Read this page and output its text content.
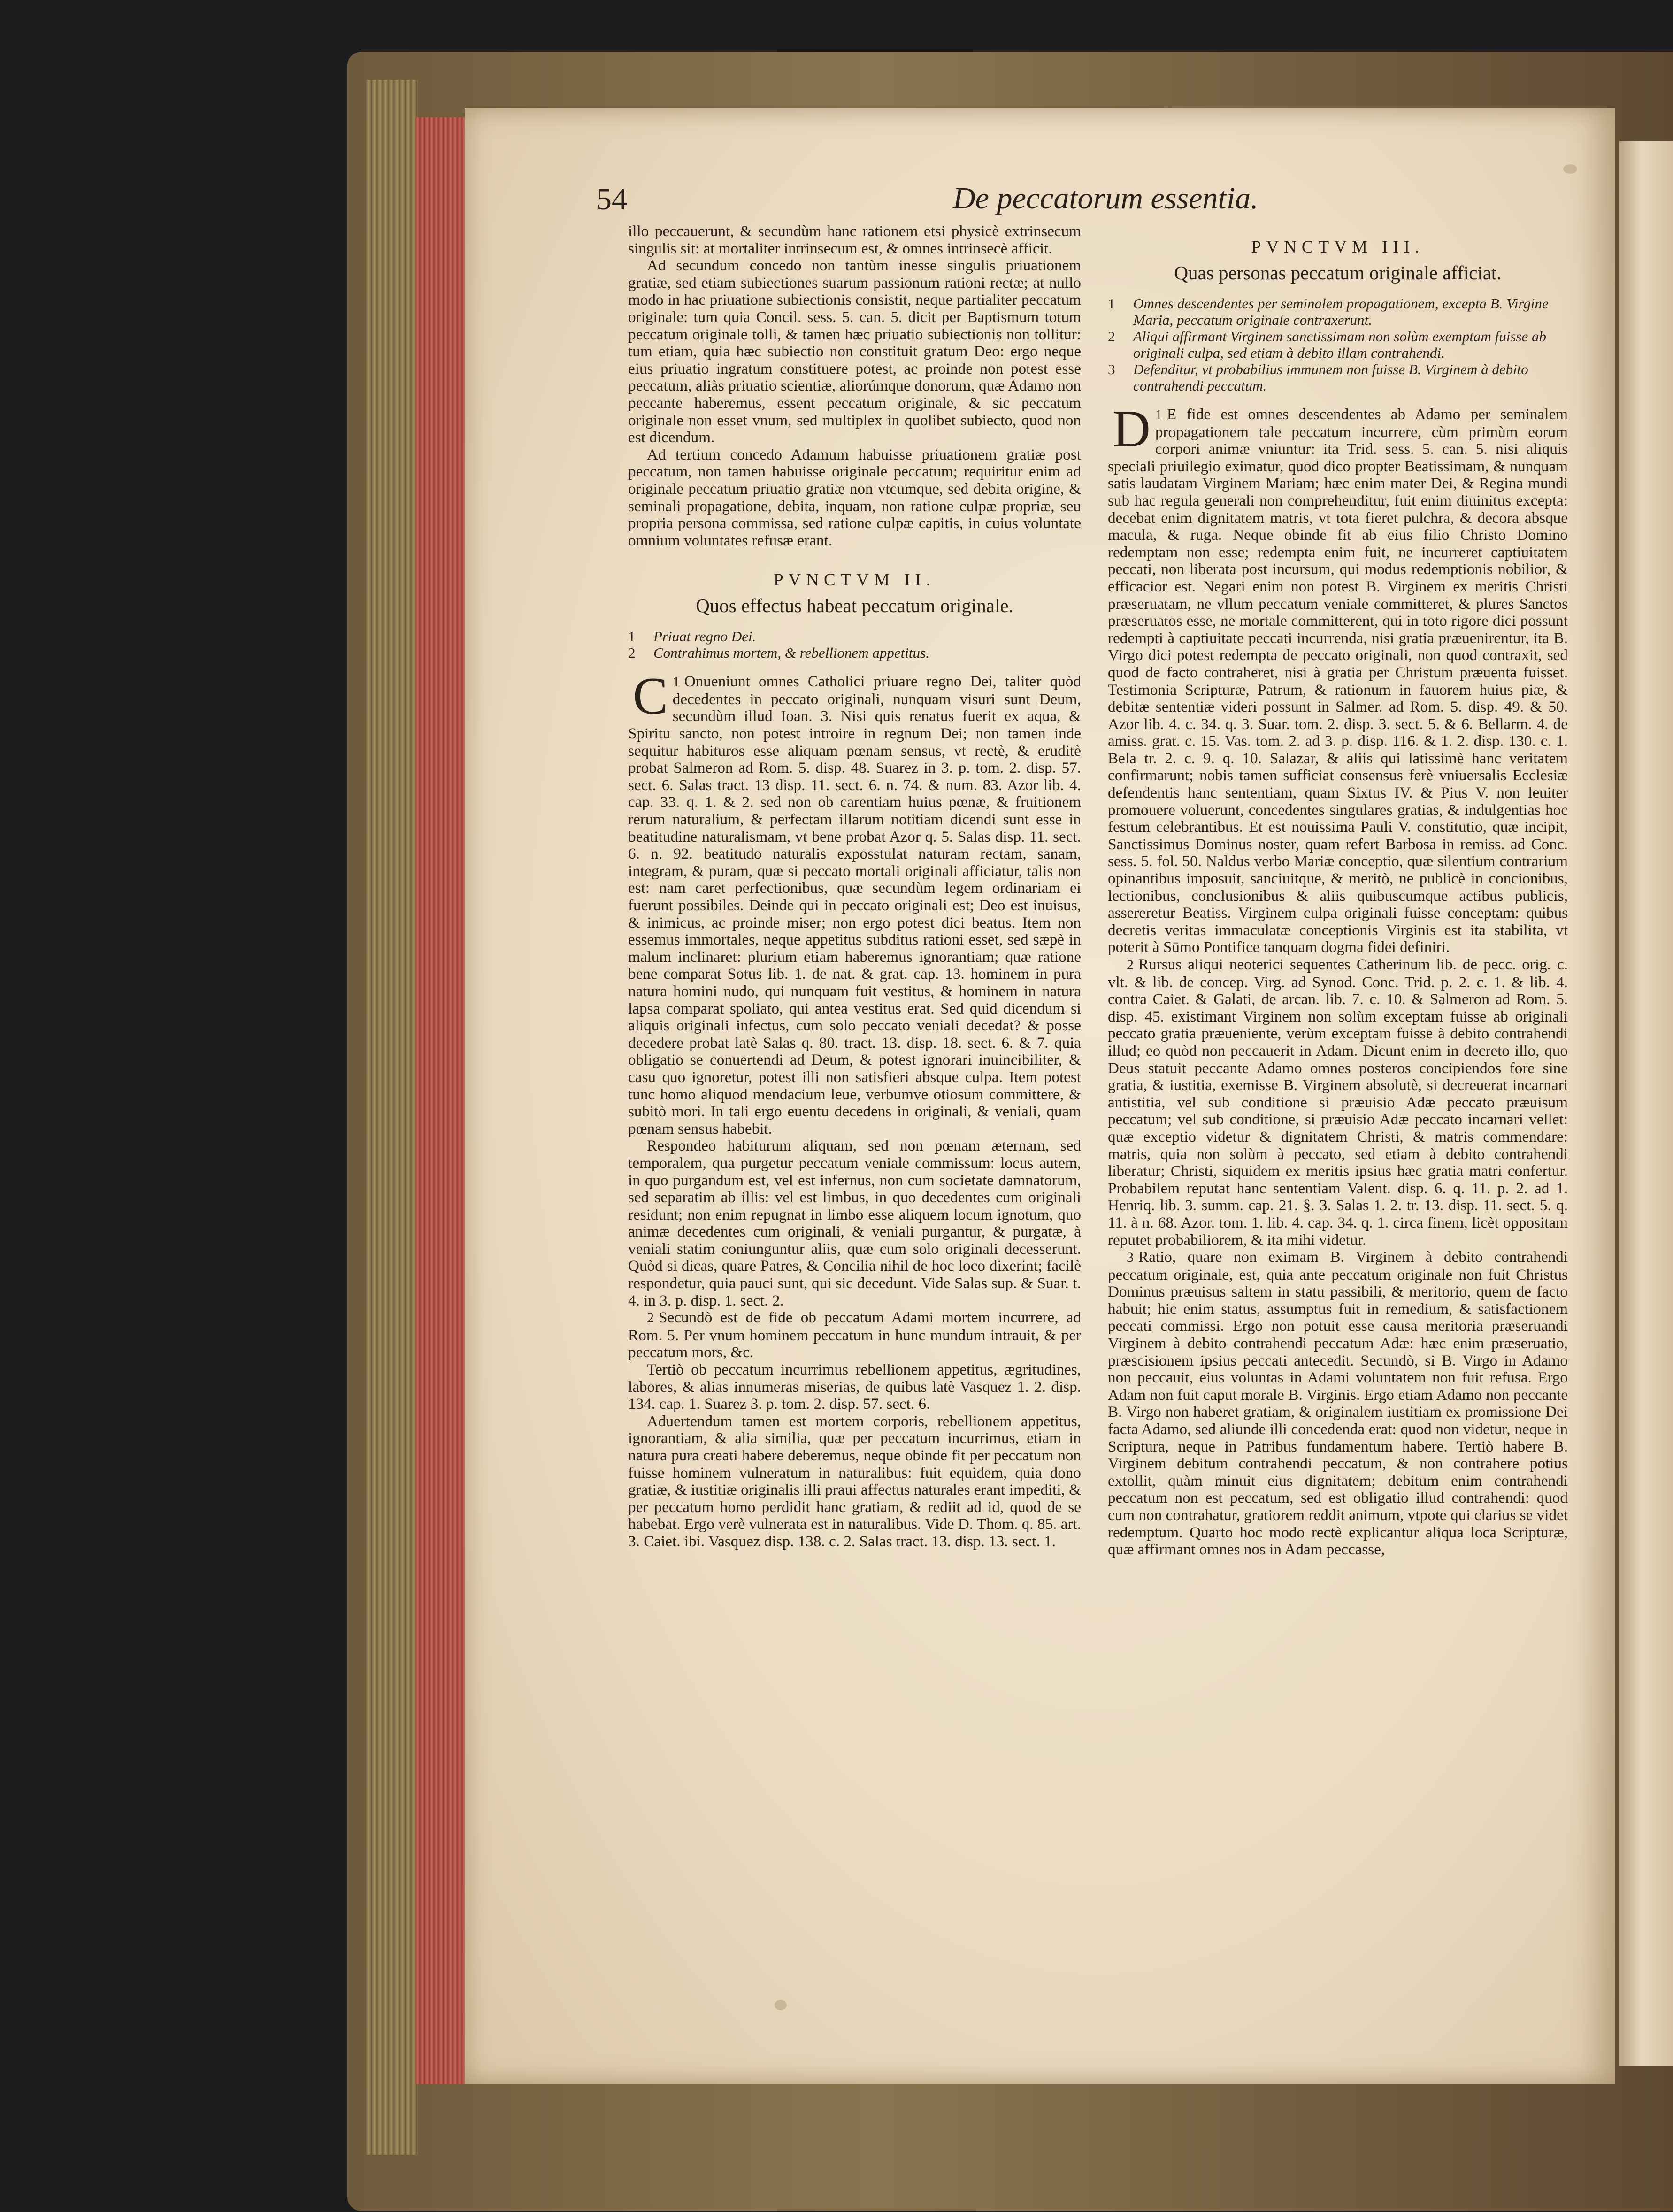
54	De peccatorum essentia.

illo peccauerunt, & secundùm hanc rationem etsi physicè extrinsecum singulis sit: at mortaliter intrinsecum est, & omnes intrinsecè afficit.

Ad secundum concedo non tantùm inesse singulis priuationem gratiæ, sed etiam subiectiones suarum passionum rationi rectæ; at nullo modo in hac priuatione subiectionis consistit, neque partialiter peccatum originale: tum quia Concil. sess. 5. can. 5. dicit per Baptismum totum peccatum originale tolli, & tamen hæc priuatio subiectionis non tollitur: tum etiam, quia hæc subiectio non constituit gratum Deo: ergo neque eius priuatio ingratum constituere potest, ac proinde non potest esse peccatum, aliàs priuatio scientiæ, aliorúmque donorum, quæ Adamo non peccante haberemus, essent peccatum originale, & sic peccatum originale non esset vnum, sed multiplex in quolibet subiecto, quod non est dicendum.

Ad tertium concedo Adamum habuisse priuationem gratiæ post peccatum, non tamen habuisse originale peccatum; requiritur enim ad originale peccatum priuatio gratiæ non vtcumque, sed debita origine, & seminali propagatione, debita, inquam, non ratione culpæ propriæ, seu propria persona commissa, sed ratione culpæ capitis, in cuius voluntate omnium voluntates refusæ erant.

PVNCTVM II.

Quos effectus habeat peccatum originale.

1	Priuat regno Dei.
2	Contrahimus mortem, & rebellionem appetitus.

1
C Onueniunt omnes Catholici priuare regno Dei, taliter quòd decedentes in peccato originali, nunquam visuri sunt Deum, secundùm illud Ioan. 3. Nisi quis renatus fuerit ex aqua, & Spiritu sancto, non potest introire in regnum Dei; non tamen inde sequitur habituros esse aliquam pœnam sensus, vt rectè, & eruditè probat Salmeron ad Rom. 5. disp. 48. Suarez in 3. p. tom. 2. disp. 57. sect. 6. Salas tract. 13 disp. 11. sect. 6. n. 74. & num. 83. Azor lib. 4. cap. 33. q. 1. & 2. sed non ob carentiam huius pœnæ, & fruitionem rerum naturalium, & perfectam illarum notitiam dicendi sunt esse in beatitudine naturalismam, vt bene probat Azor q. 5. Salas disp. 11. sect. 6. n. 92. beatitudo naturalis exposstulat naturam rectam, sanam, integram, & puram, quæ si peccato mortali originali afficiatur, talis non est: nam caret perfectionibus, quæ secundùm legem ordinariam ei fuerunt possibiles. Deinde qui in peccato originali est; Deo est inuisus, & inimicus, ac proinde miser; non ergo potest dici beatus. Item non essemus immortales, neque appetitus subditus rationi esset, sed sæpè in malum inclinaret: plurium etiam haberemus ignorantiam; quæ ratione bene comparat Sotus lib. 1. de nat. & grat. cap. 13. hominem in pura natura homini nudo, qui nunquam fuit vestitus, & hominem in natura lapsa comparat spoliato, qui antea vestitus erat. Sed quid dicendum si aliquis originali infectus, cum solo peccato veniali decedat? & posse decedere probat latè Salas q. 80. tract. 13. disp. 18. sect. 6. & 7. quia obligatio se conuertendi ad Deum, & potest ignorari inuincibiliter, & casu quo ignoretur, potest illi non satisfieri absque culpa. Item potest tunc homo aliquod mendacium leue, verbumve otiosum committere, & subitò mori. In tali ergo euentu decedens in originali, & veniali, quam pœnam sensus habebit.

Respondeo habiturum aliquam, sed non pœnam æternam, sed temporalem, qua purgetur peccatum veniale commissum: locus autem, in quo purgandum est, vel est infernus, non cum societate damnatorum, sed separatim ab illis: vel est limbus, in quo decedentes cum originali residunt; non enim repugnat in limbo esse aliquem locum ignotum, quo animæ decedentes cum originali, & veniali purgantur, & purgatæ, à veniali statim coniunguntur aliis, quæ cum solo originali decesserunt. Quòd si dicas, quare Patres, & Concilia nihil de hoc loco dixerint; facilè respondetur, quia pauci sunt, qui sic decedunt. Vide Salas sup. & Suar. t. 4. in 3. p. disp. 1. sect. 2.

2 Secundò est de fide ob peccatum Adami mortem incurrere, ad Rom. 5. Per vnum hominem peccatum in hunc mundum intrauit, & per peccatum mors, &c.

Tertiò ob peccatum incurrimus rebellionem appetitus, ægritudines, labores, & alias innumeras miserias, de quibus latè Vasquez 1. 2. disp. 134. cap. 1. Suarez 3. p. tom. 2. disp. 57. sect. 6.

Aduertendum tamen est mortem corporis, rebellionem appetitus, ignorantiam, & alia similia, quæ per peccatum incurrimus, etiam in natura pura creati habere deberemus, neque obinde fit per peccatum non fuisse hominem vulneratum in naturalibus: fuit equidem, quia dono gratiæ, & iustitiæ originalis illi praui affectus naturales erant impediti, & per peccatum homo perdidit hanc gratiam, & rediit ad id, quod de se habebat. Ergo verè vulnerata est in naturalibus. Vide D. Thom. q. 85. art. 3. Caiet. ibi. Vasquez disp. 138. c. 2. Salas tract. 13. disp. 13. sect. 1.

PVNCTVM III.

Quas personas peccatum originale afficiat.

1	Omnes descendentes per seminalem propagationem, excepta B. Virgine Maria, peccatum originale contraxerunt.
2	Aliqui affirmant Virginem sanctissimam non solùm exemptam fuisse ab originali culpa, sed etiam à debito illam contrahendi.
3	Defenditur, vt probabilius immunem non fuisse B. Virginem à debito contrahendi peccatum.

1
D E fide est omnes descendentes ab Adamo per seminalem propagationem tale peccatum incurrere, cùm primùm eorum corpori animæ vniuntur: ita Trid. sess. 5. can. 5. nisi aliquis speciali priuilegio eximatur, quod dico propter Beatissimam, & nunquam satis laudatam Virginem Mariam; hæc enim mater Dei, & Regina mundi sub hac regula generali non comprehenditur, fuit enim diuinitus excepta: decebat enim dignitatem matris, vt tota fieret pulchra, & decora absque macula, & ruga. Neque obinde fit ab eius filio Christo Domino redemptam non esse; redempta enim fuit, ne incurreret captiuitatem peccati, non liberata post incursum, qui modus redemptionis nobilior, & efficacior est. Negari enim non potest B. Virginem ex meritis Christi præseruatam, ne vllum peccatum veniale committeret, & plures Sanctos præseruatos esse, ne mortale committerent, qui in toto rigore dici possunt redempti à captiuitate peccati incurrenda, nisi gratia præuenirentur, ita B. Virgo dici potest redempta de peccato originali, non quod contraxit, sed quod de facto contraheret, nisi à gratia per Christum præuenta fuisset. Testimonia Scripturæ, Patrum, & rationum in fauorem huius piæ, & debitæ sententiæ videri possunt in Salmer. ad Rom. 5. disp. 49. & 50. Azor lib. 4. c. 34. q. 3. Suar. tom. 2. disp. 3. sect. 5. & 6. Bellarm. 4. de amiss. grat. c. 15. Vas. tom. 2. ad 3. p. disp. 116. & 1. 2. disp. 130. c. 1. Bela tr. 2. c. 9. q. 10. Salazar, & aliis qui latissimè hanc veritatem confirmarunt; nobis tamen sufficiat consensus ferè vniuersalis Ecclesiæ defendentis hanc sententiam, quam Sixtus IV. & Pius V. non leuiter promouere voluerunt, concedentes singulares gratias, & indulgentias hoc festum celebrantibus. Et est nouissima Pauli V. constitutio, quæ incipit, Sanctissimus Dominus noster, quam refert Barbosa in remiss. ad Conc. sess. 5. fol. 50. Naldus verbo Mariæ conceptio, quæ silentium contrarium opinantibus imposuit, sanciuitque, & meritò, ne publicè in concionibus, lectionibus, conclusionibus & aliis quibuscumque actibus publicis, assereretur Beatiss. Virginem culpa originali fuisse conceptam: quibus decretis veritas immaculatæ conceptionis Virginis est ita stabilita, vt poterit à Sūmo Pontifice tanquam dogma fidei definiri.

2 Rursus aliqui neoterici sequentes Catherinum lib. de pecc. orig. c. vlt. & lib. de concep. Virg. ad Synod. Conc. Trid. p. 2. c. 1. & lib. 4. contra Caiet. & Galati, de arcan. lib. 7. c. 10. & Salmeron ad Rom. 5. disp. 45. existimant Virginem non solùm exceptam fuisse ab originali peccato gratia præueniente, verùm exceptam fuisse à debito contrahendi illud; eo quòd non peccauerit in Adam. Dicunt enim in decreto illo, quo Deus statuit peccante Adamo omnes posteros concipiendos fore sine gratia, & iustitia, exemisse B. Virginem absolutè, si decreuerat incarnari antistitia, vel sub conditione si præuisio Adæ peccato præuisum peccatum; vel sub conditione, si præuisio Adæ peccato incarnari vellet: quæ exceptio videtur & dignitatem Christi, & matris commendare: matris, quia non solùm à peccato, sed etiam à debito contrahendi liberatur; Christi, siquidem ex meritis ipsius hæc gratia matri confertur. Probabilem reputat hanc sententiam Valent. disp. 6. q. 11. p. 2. ad 1. Henriq. lib. 3. summ. cap. 21. §. 3. Salas 1. 2. tr. 13. disp. 11. sect. 5. q. 11. à n. 68. Azor. tom. 1. lib. 4. cap. 34. q. 1. circa finem, licèt oppositam reputet probabiliorem, & ita mihi videtur.

3 Ratio, quare non eximam B. Virginem à debito contrahendi peccatum originale, est, quia ante peccatum originale non fuit Christus Dominus præuisus saltem in statu passibili, & meritorio, quem de facto habuit; hic enim status, assumptus fuit in remedium, & satisfactionem peccati commissi. Ergo non potuit esse causa meritoria præseruandi Virginem à debito contrahendi peccatum Adæ: hæc enim præseruatio, præscisionem ipsius peccati antecedit. Secundò, si B. Virgo in Adamo non peccauit, eius voluntas in Adami voluntatem non fuit refusa. Ergo Adam non fuit caput morale B. Virginis. Ergo etiam Adamo non peccante B. Virgo non haberet gratiam, & originalem iustitiam ex promissione Dei facta Adamo, sed aliunde illi concedenda erat: quod non videtur, neque in Scriptura, neque in Patribus fundamentum habere. Tertiò habere B. Virginem debitum contrahendi peccatum, & non contrahere potius extollit, quàm minuit eius dignitatem; debitum enim contrahendi peccatum non est peccatum, sed est obligatio illud contrahendi: quod cum non contrahatur, gratiorem reddit animum, vtpote qui clarius se videt redemptum. Quarto hoc modo rectè explicantur aliqua loca Scripturæ, quæ affirmant omnes nos in Adam peccasse,
